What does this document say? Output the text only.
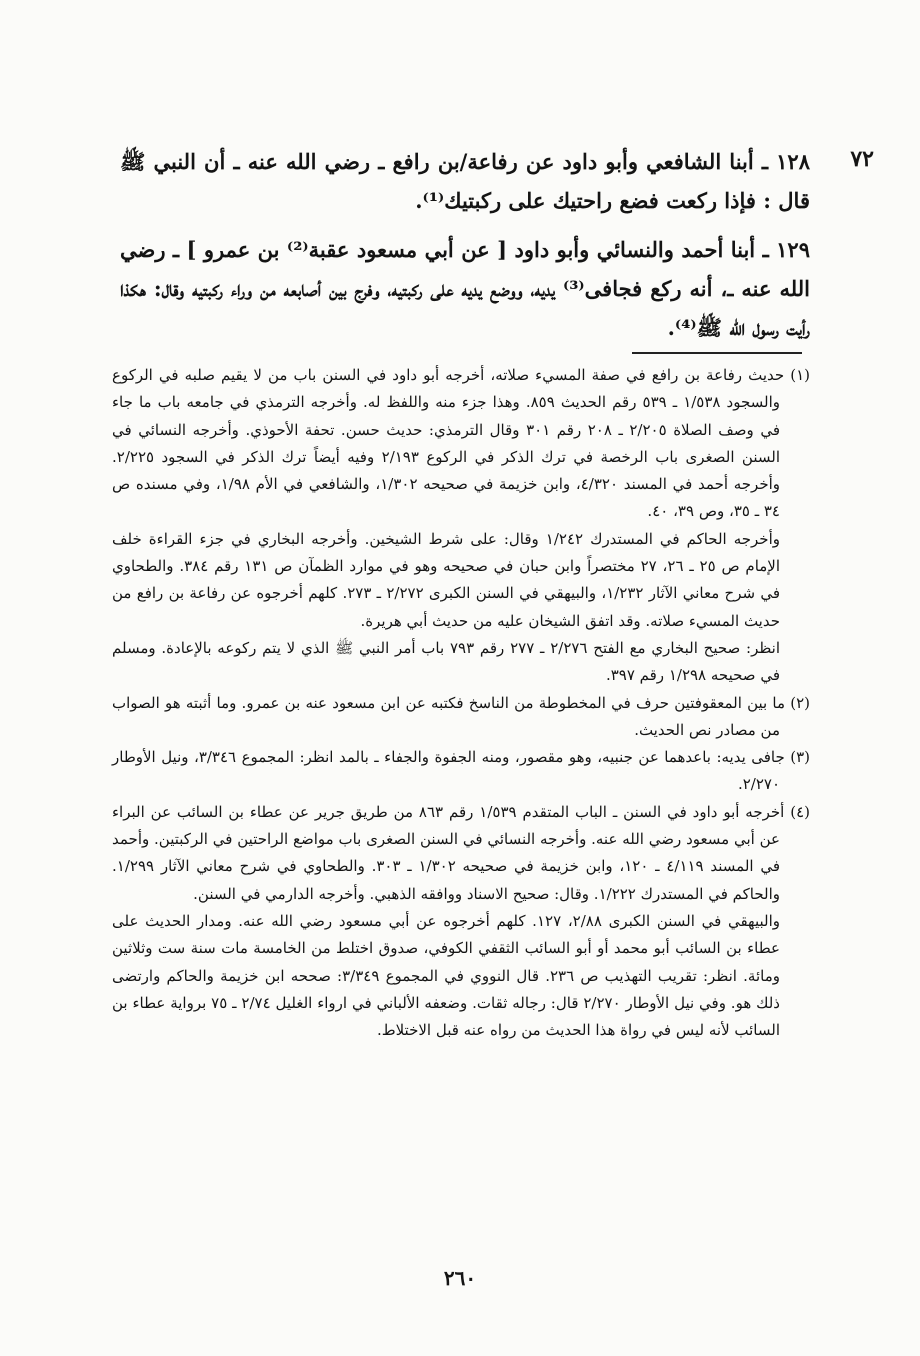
٧٢

١٢٨ ـ أبنا الشافعي وأبو داود عن رفاعة/بن رافع ـ رضي الله عنه ـ أن النبي ﷺ قال : فإذا ركعت فضع راحتيك على ركبتيك⁽¹⁾.

١٢٩ ـ أبنا أحمد والنسائي وأبو داود [ عن أبي مسعود عقبة⁽²⁾ بن عمرو ] ـ رضي الله عنه ـ، أنه ركع فجافى⁽³⁾ يديه، ووضع يديه على ركبتيه، وفرج بين أصابعه من وراء ركبتيه وقال: هكذا رأيت رسول الله ﷺ⁽⁴⁾.

(١) حديث رفاعة بن رافع في صفة المسيء صلاته، أخرجه أبو داود في السنن باب من لا يقيم صلبه في الركوع والسجود ١/٥٣٨ ـ ٥٣٩ رقم الحديث ٨٥٩. وهذا جزء منه واللفظ له. وأخرجه الترمذي في جامعه باب ما جاء في وصف الصلاة ٢/٢٠٥ ـ ٢٠٨ رقم ٣٠١ وقال الترمذي: حديث حسن. تحفة الأحوذي. وأخرجه النسائي في السنن الصغرى باب الرخصة في ترك الذكر في الركوع ٢/١٩٣ وفيه أيضاً ترك الذكر في السجود ٢/٢٢٥. وأخرجه أحمد في المسند ٤/٣٢٠، وابن خزيمة في صحيحه ١/٣٠٢، والشافعي في الأم ١/٩٨، وفي مسنده ص ٣٤ ـ ٣٥، وص ٣٩، ٤٠.

وأخرجه الحاكم في المستدرك ١/٢٤٢ وقال: على شرط الشيخين. وأخرجه البخاري في جزء القراءة خلف الإمام ص ٢٥ ـ ٢٦، ٢٧ مختصراً وابن حبان في صحيحه وهو في موارد الظمآن ص ١٣١ رقم ٣٨٤. والطحاوي في شرح معاني الآثار ١/٢٣٢، والبيهقي في السنن الكبرى ٢/٢٧٢ ـ ٢٧٣. كلهم أخرجوه عن رفاعة بن رافع من حديث المسيء صلاته. وقد اتفق الشيخان عليه من حديث أبي هريرة.

انظر: صحيح البخاري مع الفتح ٢/٢٧٦ ـ ٢٧٧ رقم ٧٩٣ باب أمر النبي ﷺ الذي لا يتم ركوعه بالإعادة. ومسلم في صحيحه ١/٢٩٨ رقم ٣٩٧.

(٢) ما بين المعقوفتين حرف في المخطوطة من الناسخ فكتبه عن ابن مسعود عنه بن عمرو. وما أثبته هو الصواب من مصادر نص الحديث.

(٣) جافى يديه: باعدهما عن جنبيه، وهو مقصور، ومنه الجفوة والجفاء ـ بالمد انظر: المجموع ٣/٣٤٦، ونيل الأوطار ٢/٢٧٠.

(٤) أخرجه أبو داود في السنن ـ الباب المتقدم ١/٥٣٩ رقم ٨٦٣ من طريق جرير عن عطاء بن السائب عن البراء عن أبي مسعود رضي الله عنه. وأخرجه النسائي في السنن الصغرى باب مواضع الراحتين في الركبتين. وأحمد في المسند ٤/١١٩ ـ ١٢٠، وابن خزيمة في صحيحه ١/٣٠٢ ـ ٣٠٣. والطحاوي في شرح معاني الآثار ١/٢٩٩. والحاكم في المستدرك ١/٢٢٢. وقال: صحيح الاسناد ووافقه الذهبي. وأخرجه الدارمي في السنن.

والبيهقي في السنن الكبرى ٢/٨٨، ١٢٧. كلهم أخرجوه عن أبي مسعود رضي الله عنه. ومدار الحديث على عطاء بن السائب أبو محمد أو أبو السائب الثقفي الكوفي، صدوق اختلط من الخامسة مات سنة ست وثلاثين ومائة. انظر: تقريب التهذيب ص ٢٣٦. قال النووي في المجموع ٣/٣٤٩: صححه ابن خزيمة والحاكم وارتضى ذلك هو. وفي نيل الأوطار ٢/٢٧٠ قال: رجاله ثقات. وضعفه الألباني في ارواء الغليل ٢/٧٤ ـ ٧٥ برواية عطاء بن السائب لأنه ليس في رواة هذا الحديث من رواه عنه قبل الاختلاط.

٢٦٠
